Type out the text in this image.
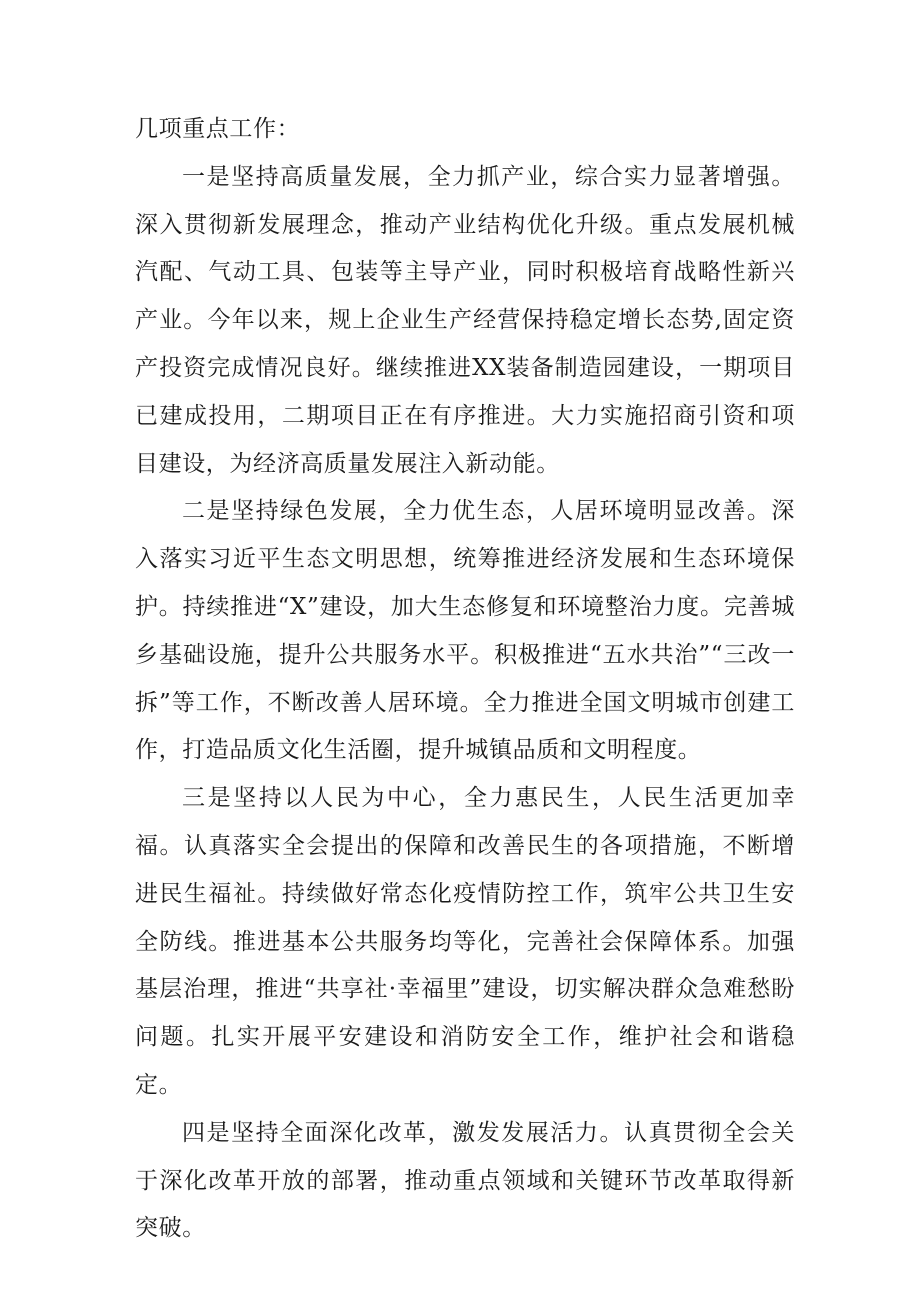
几项重点工作：

一是坚持高质量发展，全力抓产业，综合实力显著增强。深入贯彻新发展理念，推动产业结构优化升级。重点发展机械汽配、气动工具、包装等主导产业，同时积极培育战略性新兴产业。今年以来，规上企业生产经营保持稳定增长态势,固定资产投资完成情况良好。继续推进XX装备制造园建设，一期项目已建成投用，二期项目正在有序推进。大力实施招商引资和项目建设，为经济高质量发展注入新动能。

二是坚持绿色发展，全力优生态，人居环境明显改善。深入落实习近平生态文明思想，统筹推进经济发展和生态环境保护。持续推进“X”建设，加大生态修复和环境整治力度。完善城乡基础设施，提升公共服务水平。积极推进“五水共治”“三改一拆”等工作，不断改善人居环境。全力推进全国文明城市创建工作，打造品质文化生活圈，提升城镇品质和文明程度。

三是坚持以人民为中心，全力惠民生，人民生活更加幸福。认真落实全会提出的保障和改善民生的各项措施，不断增进民生福祉。持续做好常态化疫情防控工作，筑牢公共卫生安全防线。推进基本公共服务均等化，完善社会保障体系。加强基层治理，推进“共享社·幸福里”建设，切实解决群众急难愁盼问题。扎实开展平安建设和消防安全工作，维护社会和谐稳定。

四是坚持全面深化改革，激发发展活力。认真贯彻全会关于深化改革开放的部署，推动重点领域和关键环节改革取得新突破。
